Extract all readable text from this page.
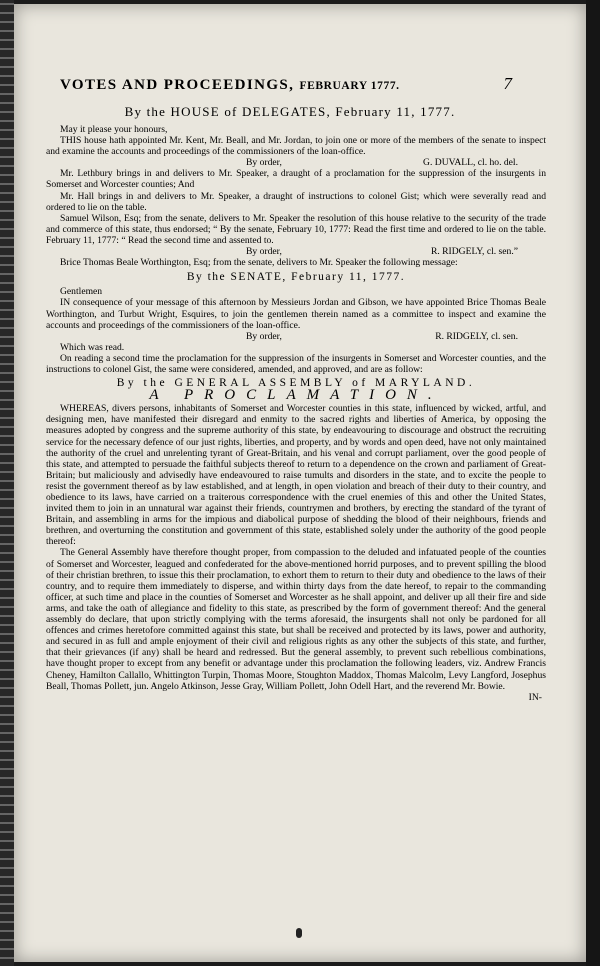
VOTES AND PROCEEDINGS, FEBRUARY 1777.	7
By the HOUSE of DELEGATES, February 11, 1777.

May it please your honours,

THIS house hath appointed Mr. Kent, Mr. Beall, and Mr. Jordan, to join one or more of the members of the senate to inspect and examine the accounts and proceedings of the commissioners of the loan-office.

By order,	G. DUVALL, cl. ho. del.

Mr. Lethbury brings in and delivers to Mr. Speaker, a draught of a proclamation for the suppression of the insurgents in Somerset and Worcester counties; And

Mr. Hall brings in and delivers to Mr. Speaker, a draught of instructions to colonel Gist; which were severally read and ordered to lie on the table.

Samuel Wilson, Esq; from the senate, delivers to Mr. Speaker the resolution of this house relative to the security of the trade and commerce of this state, thus endorsed; “ By the senate, February 10, 1777: Read the first time and ordered to lie on the table. February 11, 1777: “ Read the second time and assented to.

By order,	R. RIDGELY, cl. sen.”

Brice Thomas Beale Worthington, Esq; from the senate, delivers to Mr. Speaker the following message:

By the SENATE, February 11, 1777.

Gentlemen

IN consequence of your message of this afternoon by Messieurs Jordan and Gibson, we have appointed Brice Thomas Beale Worthington, and Turbut Wright, Esquires, to join the gentlemen therein named as a committee to inspect and examine the accounts and proceedings of the commissioners of the loan-office.

By order,	R. RIDGELY, cl. sen.

Which was read.

On reading a second time the proclamation for the suppression of the insurgents in Somerset and Worcester counties, and the instructions to colonel Gist, the same were considered, amended, and approved, and are as follow:

By the GENERAL ASSEMBLY of MARYLAND.
A PROCLAMATION.

WHEREAS, divers persons, inhabitants of Somerset and Worcester counties in this state, influenced by wicked, artful, and designing men, have manifested their disregard and enmity to the sacred rights and liberties of America, by opposing the measures adopted by congress and the supreme authority of this state, by endeavouring to discourage and obstruct the recruiting service for the necessary defence of our just rights, liberties, and property, and by words and open deed, have not only maintained the authority of the cruel and unrelenting tyrant of Great-Britain, and his venal and corrupt parliament, over the good people of this state, and attempted to persuade the faithful subjects thereof to return to a dependence on the crown and parliament of Great-Britain; but maliciously and advisedly have endeavoured to raise tumults and disorders in the state, and to excite the people to resist the government thereof as by law established, and at length, in open violation and breach of their duty to their country, and obedience to its laws, have carried on a traiterous correspondence with the cruel enemies of this and other the United States, invited them to join in an unnatural war against their friends, countrymen and brothers, by erecting the standard of the tyrant of Britain, and assembling in arms for the impious and diabolical purpose of shedding the blood of their neighbours, friends and brethren, and overturning the constitution and government of this state, established solely under the authority of the good people thereof:

The General Assembly have therefore thought proper, from compassion to the deluded and infatuated people of the counties of Somerset and Worcester, leagued and confederated for the above-mentioned horrid purposes, and to prevent spilling the blood of their christian brethren, to issue this their proclamation, to exhort them to return to their duty and obedience to the laws of their country, and to require them immediately to disperse, and within thirty days from the date hereof, to repair to the commanding officer, at such time and place in the counties of Somerset and Worcester as he shall appoint, and deliver up all their fire and side arms, and take the oath of allegiance and fidelity to this state, as prescribed by the form of government thereof: And the general assembly do declare, that upon strictly complying with the terms aforesaid, the insurgents shall not only be pardoned for all offences and crimes heretofore committed against this state, but shall be received and protected by its laws, power and authority, and secured in as full and ample enjoyment of their civil and religious rights as any other the subjects of this state, and further, that their grievances (if any) shall be heard and redressed. But the general assembly, to prevent such rebellious combinations, have thought proper to except from any benefit or advantage under this proclamation the following leaders, viz. Andrew Francis Cheney, Hamilton Callallo, Whittington Turpin, Thomas Moore, Stoughton Maddox, Thomas Malcolm, Levy Langford, Josephus Beall, Thomas Pollett, jun. Angelo Atkinson, Jesse Gray, William Pollett, John Odell Hart, and the reverend Mr. Bowie.

IN-
